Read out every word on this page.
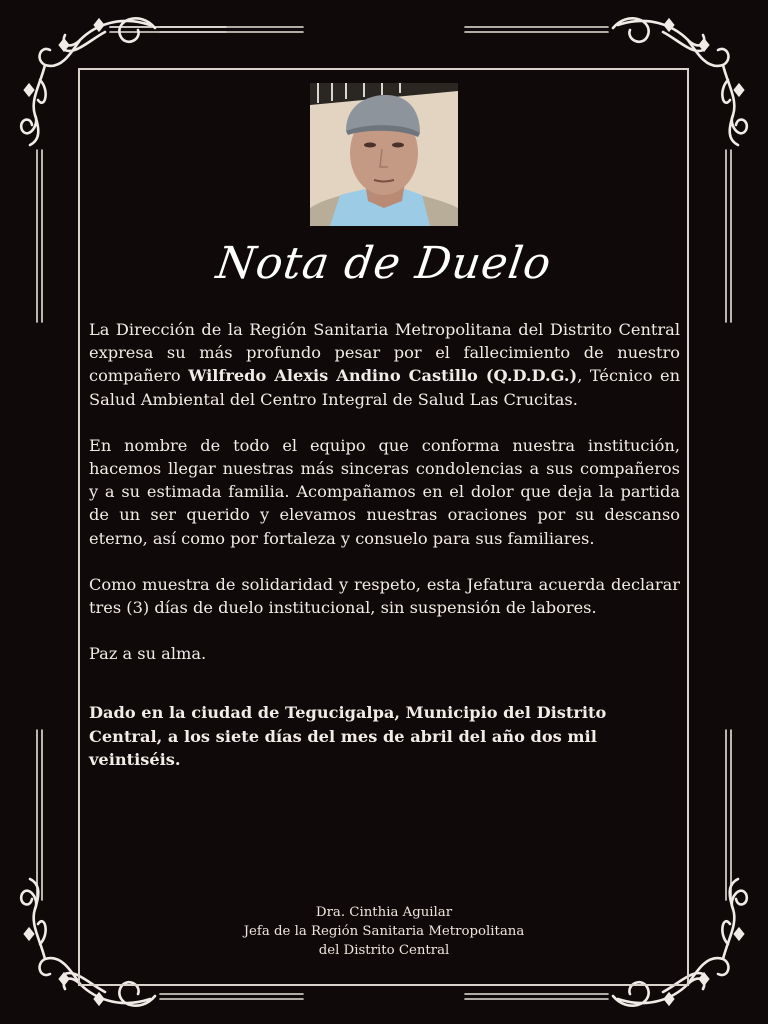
Nota de Duelo

La Dirección de la Región Sanitaria Metropolitana del Distrito Central expresa su más profundo pesar por el fallecimiento de nuestro compañero Wilfredo Alexis Andino Castillo (Q.D.D.G.), Técnico en Salud Ambiental del Centro Integral de Salud Las Crucitas.

En nombre de todo el equipo que conforma nuestra institución, hacemos llegar nuestras más sinceras condolencias a sus compañeros y a su estimada familia. Acompañamos en el dolor que deja la partida de un ser querido y elevamos nuestras oraciones por su descanso eterno, así como por fortaleza y consuelo para sus familiares.

Como muestra de solidaridad y respeto, esta Jefatura acuerda declarar tres (3) días de duelo institucional, sin suspensión de labores.

Paz a su alma.

Dado en la ciudad de Tegucigalpa, Municipio del Distrito Central, a los siete días del mes de abril del año dos mil veintiséis.

Dra. Cinthia Aguilar
Jefa de la Región Sanitaria Metropolitana
del Distrito Central
